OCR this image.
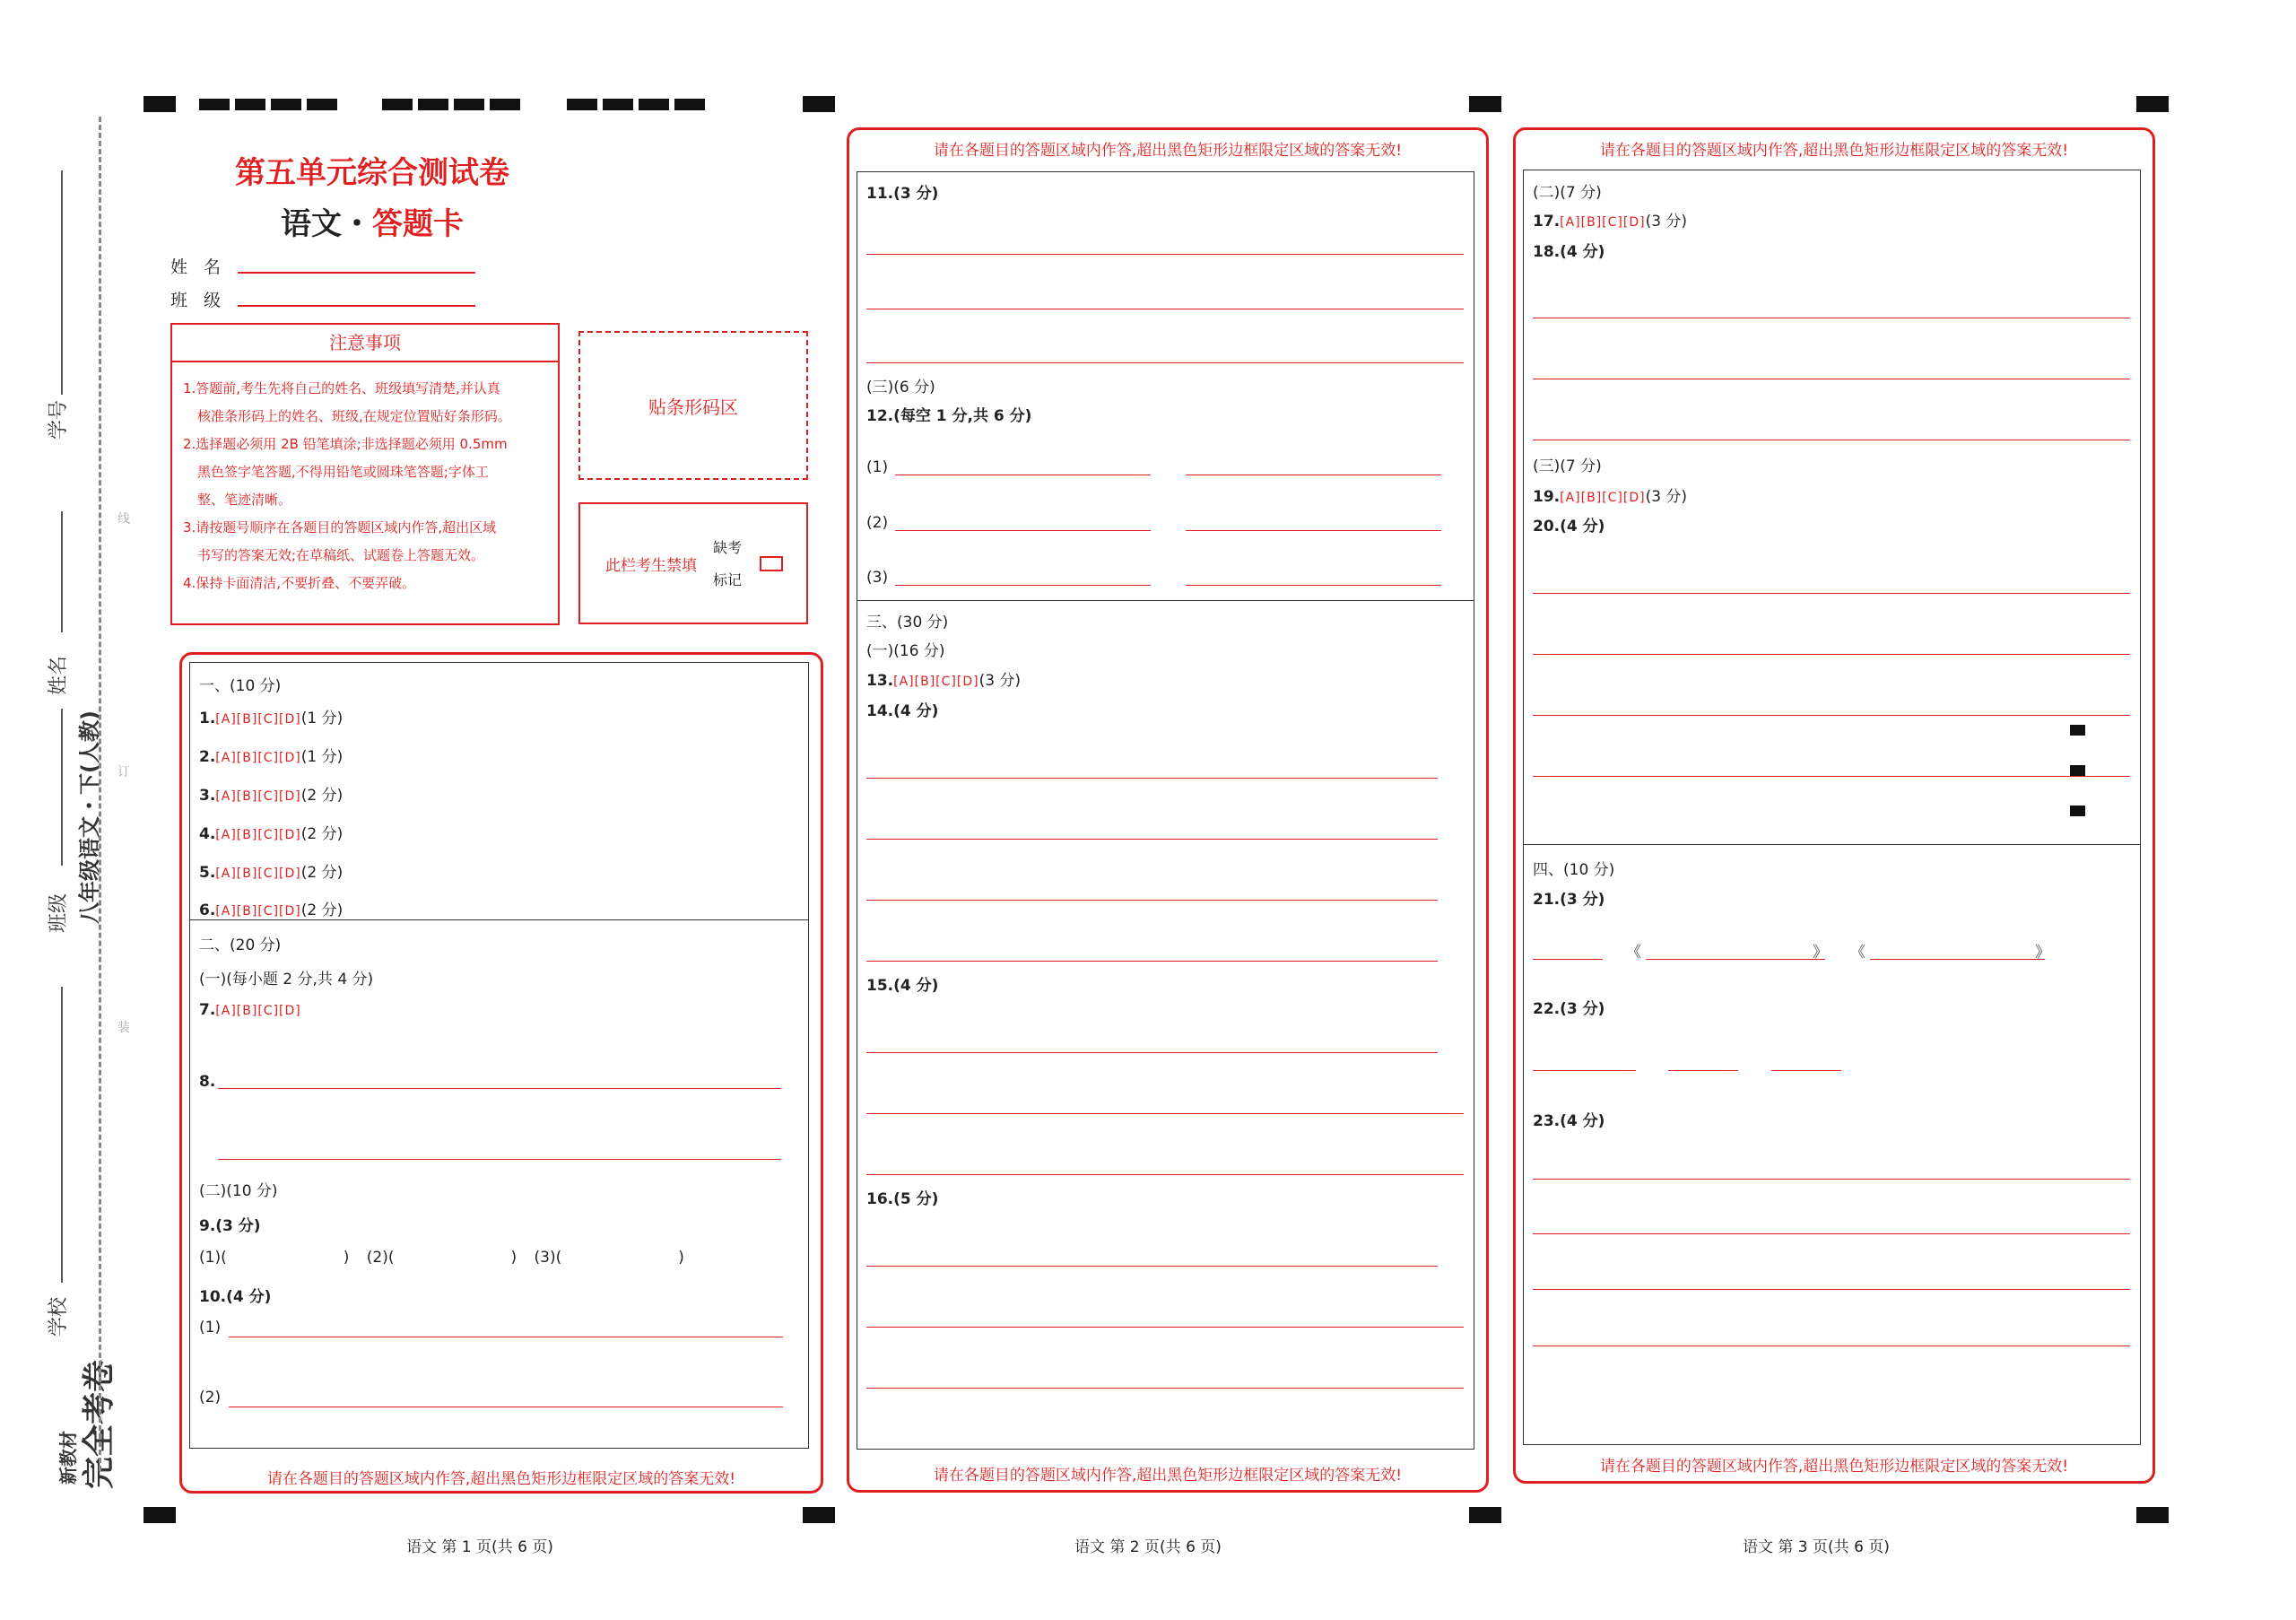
学号
姓名
班级
学校
八年级语文・下(人教)
新教材 完全考卷
线
订
装
第五单元综合测试卷
语文・答题卡
姓名
班级
注意事项

1.答题前,考生先将自己的姓名、班级填写清楚,并认真

核准条形码上的姓名、班级,在规定位置贴好条形码。

2.选择题必须用 2B 铅笔填涂;非选择题必须用 0.5mm

黑色签字笔答题,不得用铅笔或圆珠笔答题;字体工

整、笔迹清晰。

3.请按题号顺序在各题目的答题区域内作答,超出区域

书写的答案无效;在草稿纸、试题卷上答题无效。

4.保持卡面清洁,不要折叠、不要弄破。

贴条形码区
此栏考生禁填
缺考
标记
一、(10 分)
1.[A][B][C][D](1 分)
2.[A][B][C][D](1 分)
3.[A][B][C][D](2 分)
4.[A][B][C][D](2 分)
5.[A][B][C][D](2 分)
6.[A][B][C][D](2 分)
二、(20 分)
(一)(每小题 2 分,共 4 分)
7.[A][B][C][D]
8.
(二)(10 分)
9.(3 分)
(1)(	) (2)(	) (3)(	)
10.(4 分)
(1)
(2)
请在各题目的答题区域内作答,超出黑色矩形边框限定区域的答案无效!
请在各题目的答题区域内作答,超出黑色矩形边框限定区域的答案无效!
11.(3 分)
(三)(6 分)
12.(每空 1 分,共 6 分)
(1)
(2)
(3)
三、(30 分)
(一)(16 分)
13.[A][B][C][D](3 分)
14.(4 分)
15.(4 分)
16.(5 分)
请在各题目的答题区域内作答,超出黑色矩形边框限定区域的答案无效!
请在各题目的答题区域内作答,超出黑色矩形边框限定区域的答案无效!
(二)(7 分)
17.[A][B][C][D](3 分)
18.(4 分)
(三)(7 分)
19.[A][B][C][D](3 分)
20.(4 分)
四、(10 分)
21.(3 分)
《	》 《	》
22.(3 分)
23.(4 分)
请在各题目的答题区域内作答,超出黑色矩形边框限定区域的答案无效!
语文 第 1 页(共 6 页)	语文 第 2 页(共 6 页)	语文 第 3 页(共 6 页)
